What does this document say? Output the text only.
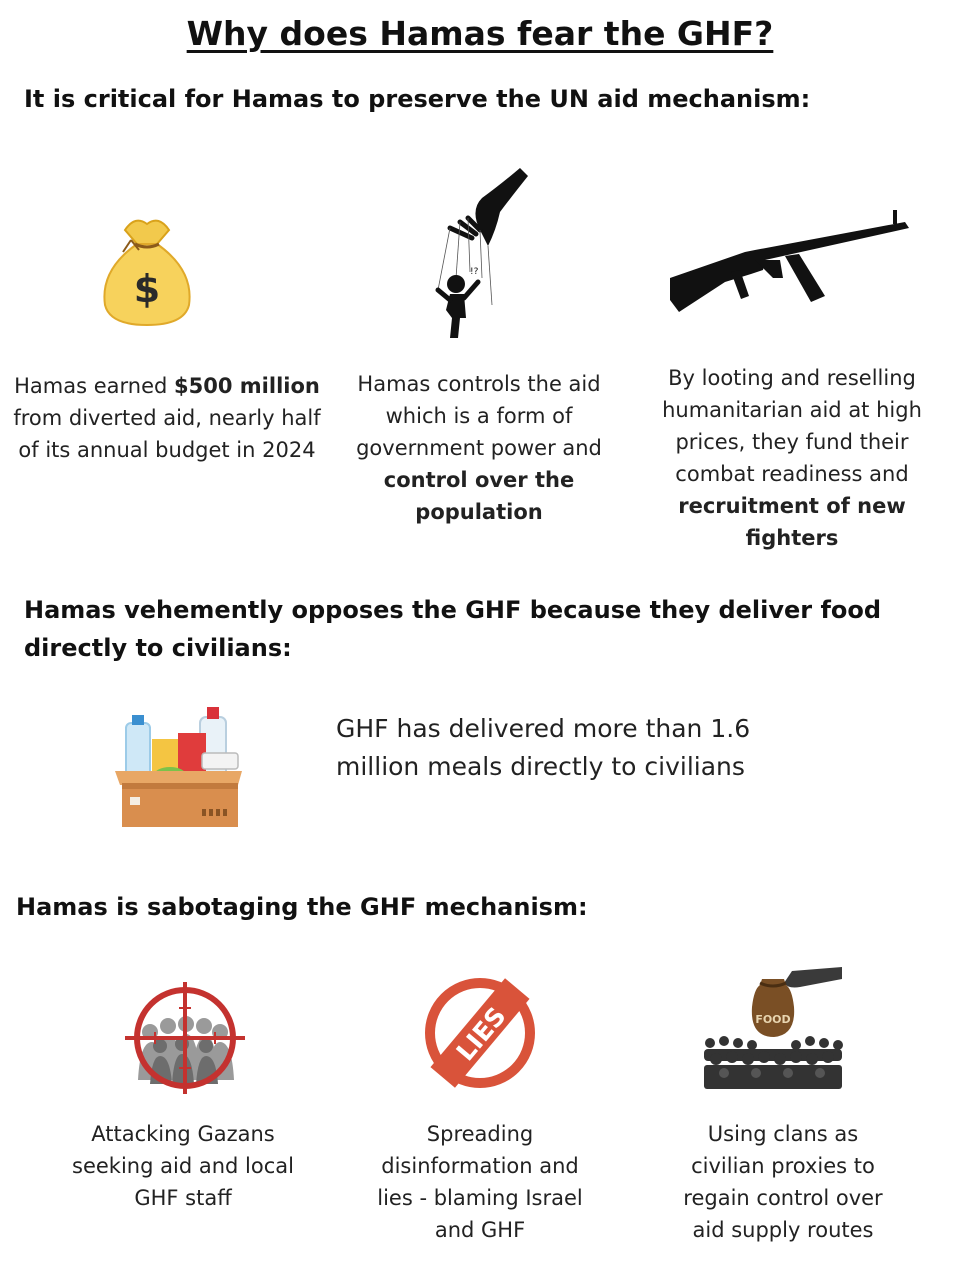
Why does Hamas fear the GHF?
It is critical for Hamas to preserve the UN aid mechanism:
$	!?
Hamas earned $500 million from diverted aid, nearly half of its annual budget in 2024
Hamas controls the aid which is a form of government power and control over the population
By looting and reselling humanitarian aid at high prices, they fund their combat readiness and recruitment of new fighters
Hamas vehemently opposes the GHF because they deliver food directly to civilians:
GHF has delivered more than 1.6 million meals directly to civilians
Hamas is sabotaging the GHF mechanism:
LIES	FOOD
Attacking Gazans seeking aid and local GHF staff
Spreading disinformation and lies - blaming Israel and GHF
Using clans as civilian proxies to regain control over aid supply routes
